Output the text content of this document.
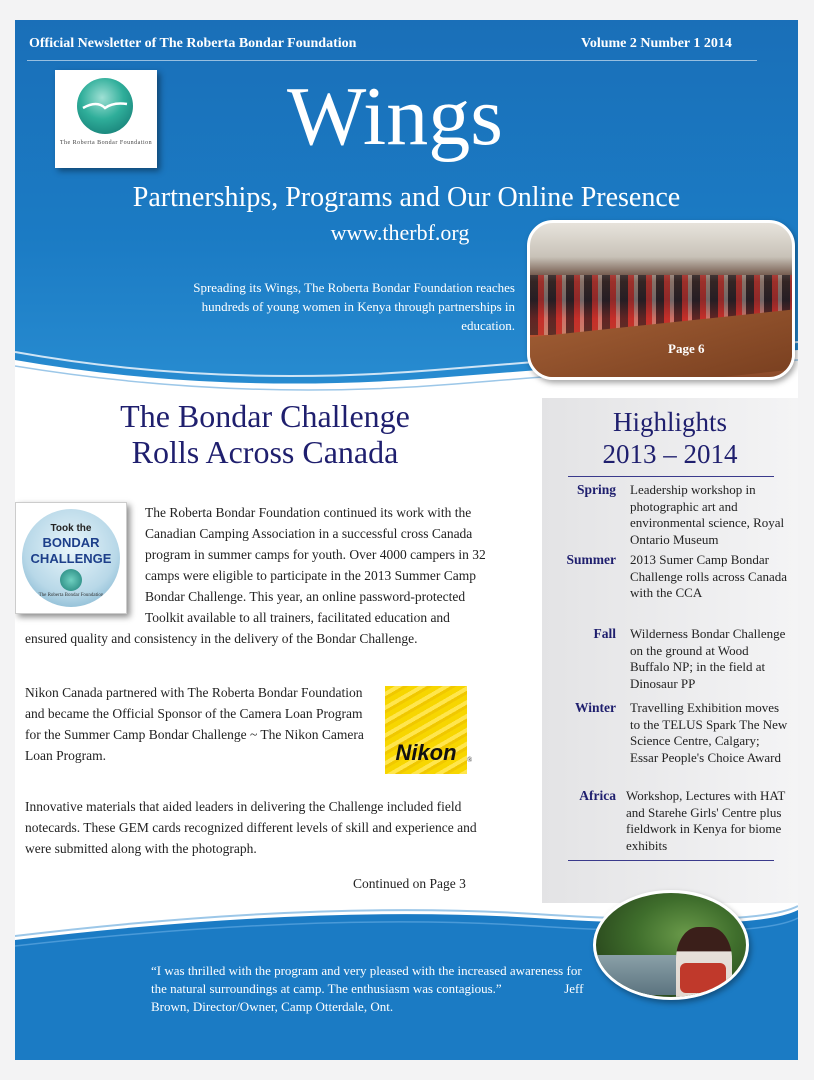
Official Newsletter of The Roberta Bondar Foundation	Volume 2 Number 1 2014
The Roberta Bondar Foundation	Wings
Partnerships, Programs and Our Online Presence
www.therbf.org
Spreading its Wings, The Roberta Bondar Foundation reaches hundreds of young women in Kenya through partnerships in education.
Page 6
The Bondar Challenge
Rolls Across Canada
The Roberta Bondar Foundation continued its work with the Canadian Camping Association in a successful cross Canada program in summer camps for youth. Over 4000 campers in 32 camps were eligible to participate in the 2013 Summer Camp Bondar Challenge. This year, an online password-protected Toolkit available to all trainers, facilitated education and ensured quality and consistency in the delivery of the Bondar Challenge.
Took the
BONDAR
CHALLENGE
The Roberta Bondar Foundation
Nikon Canada partnered with The Roberta Bondar Foundation and became the Official Sponsor of the Camera Loan Program for the Summer Camp Bondar Challenge ~ The Nikon Camera Loan Program.	Nikon	®
Innovative materials that aided leaders in delivering the Challenge included field notecards. These GEM cards recognized different levels of skill and experience and were submitted along with the photograph.
Continued on Page 3
Highlights
2013 – 2014
Spring Leadership workshop in photographic art and environmental science, Royal Ontario Museum
Summer 2013 Sumer Camp Bondar Challenge rolls across Canada with the CCA
Fall Wilderness Bondar Challenge on the ground at Wood Buffalo NP; in the field at Dinosaur PP
Winter Travelling Exhibition moves to the TELUS Spark The New Science Centre, Calgary; Essar People's Choice Award
Africa Workshop, Lectures with HAT and Starehe Girls' Centre plus fieldwork in Kenya for biome exhibits
“I was thrilled with the program and very pleased with the increased awareness for the natural surroundings at camp. The enthusiasm was contagious.”	Jeff Brown, Director/Owner, Camp Otterdale, Ont.
